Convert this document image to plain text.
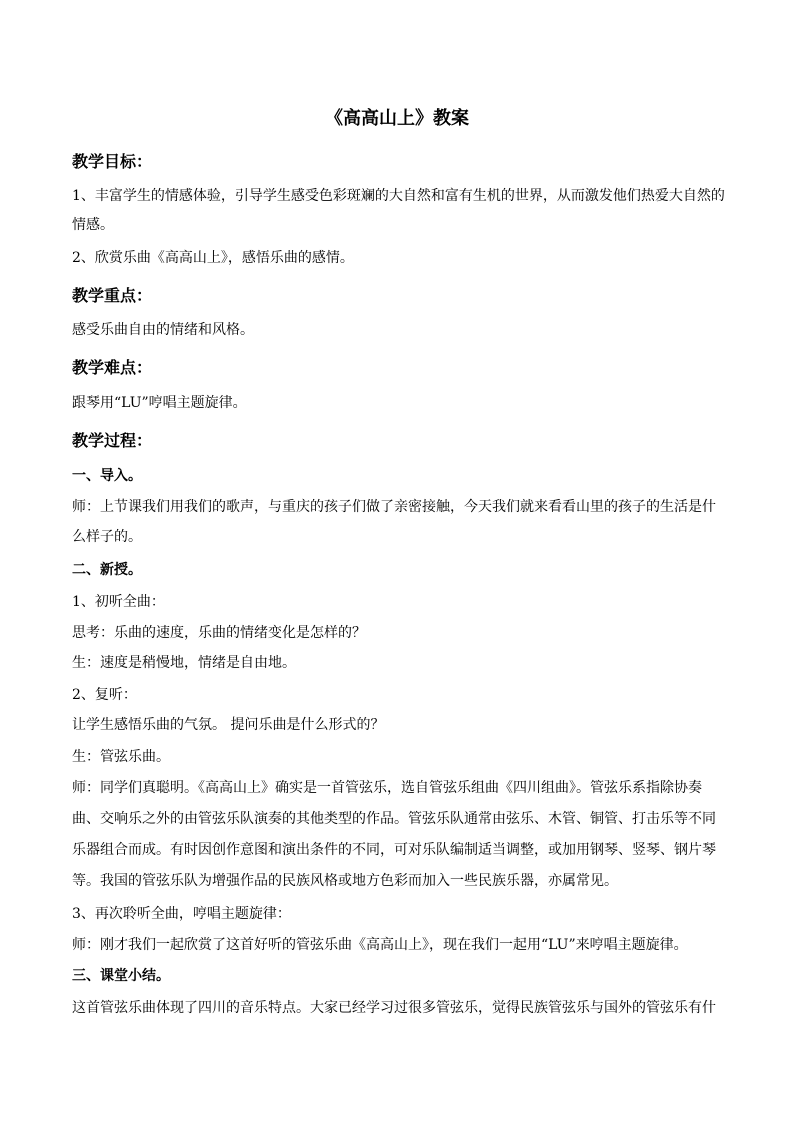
《高高山上》教案
教学目标：
1、丰富学生的情感体验，引导学生感受色彩斑斓的大自然和富有生机的世界，从而激发他们热爱大自然的
情感。
2、欣赏乐曲《高高山上》，感悟乐曲的感情。
教学重点：
感受乐曲自由的情绪和风格。
教学难点：
跟琴用“LU”哼唱主题旋律。
教学过程：
一、导入。
师：上节课我们用我们的歌声，与重庆的孩子们做了亲密接触，今天我们就来看看山里的孩子的生活是什
么样子的。
二、新授。
1、初听全曲：
思考：乐曲的速度，乐曲的情绪变化是怎样的？
生：速度是稍慢地，情绪是自由地。
2、复听：
让学生感悟乐曲的气氛。 提问乐曲是什么形式的？
生：管弦乐曲。
师：同学们真聪明。《高高山上》确实是一首管弦乐，选自管弦乐组曲《四川组曲》。管弦乐系指除协奏
曲、交响乐之外的由管弦乐队演奏的其他类型的作品。管弦乐队通常由弦乐、木管、铜管、打击乐等不同
乐器组合而成。有时因创作意图和演出条件的不同，可对乐队编制适当调整，或加用钢琴、竖琴、钢片琴
等。我国的管弦乐队为增强作品的民族风格或地方色彩而加入一些民族乐器，亦属常见。
3、再次聆听全曲，哼唱主题旋律：
师：刚才我们一起欣赏了这首好听的管弦乐曲《高高山上》，现在我们一起用“LU”来哼唱主题旋律。
三、课堂小结。
这首管弦乐曲体现了四川的音乐特点。大家已经学习过很多管弦乐，觉得民族管弦乐与国外的管弦乐有什
